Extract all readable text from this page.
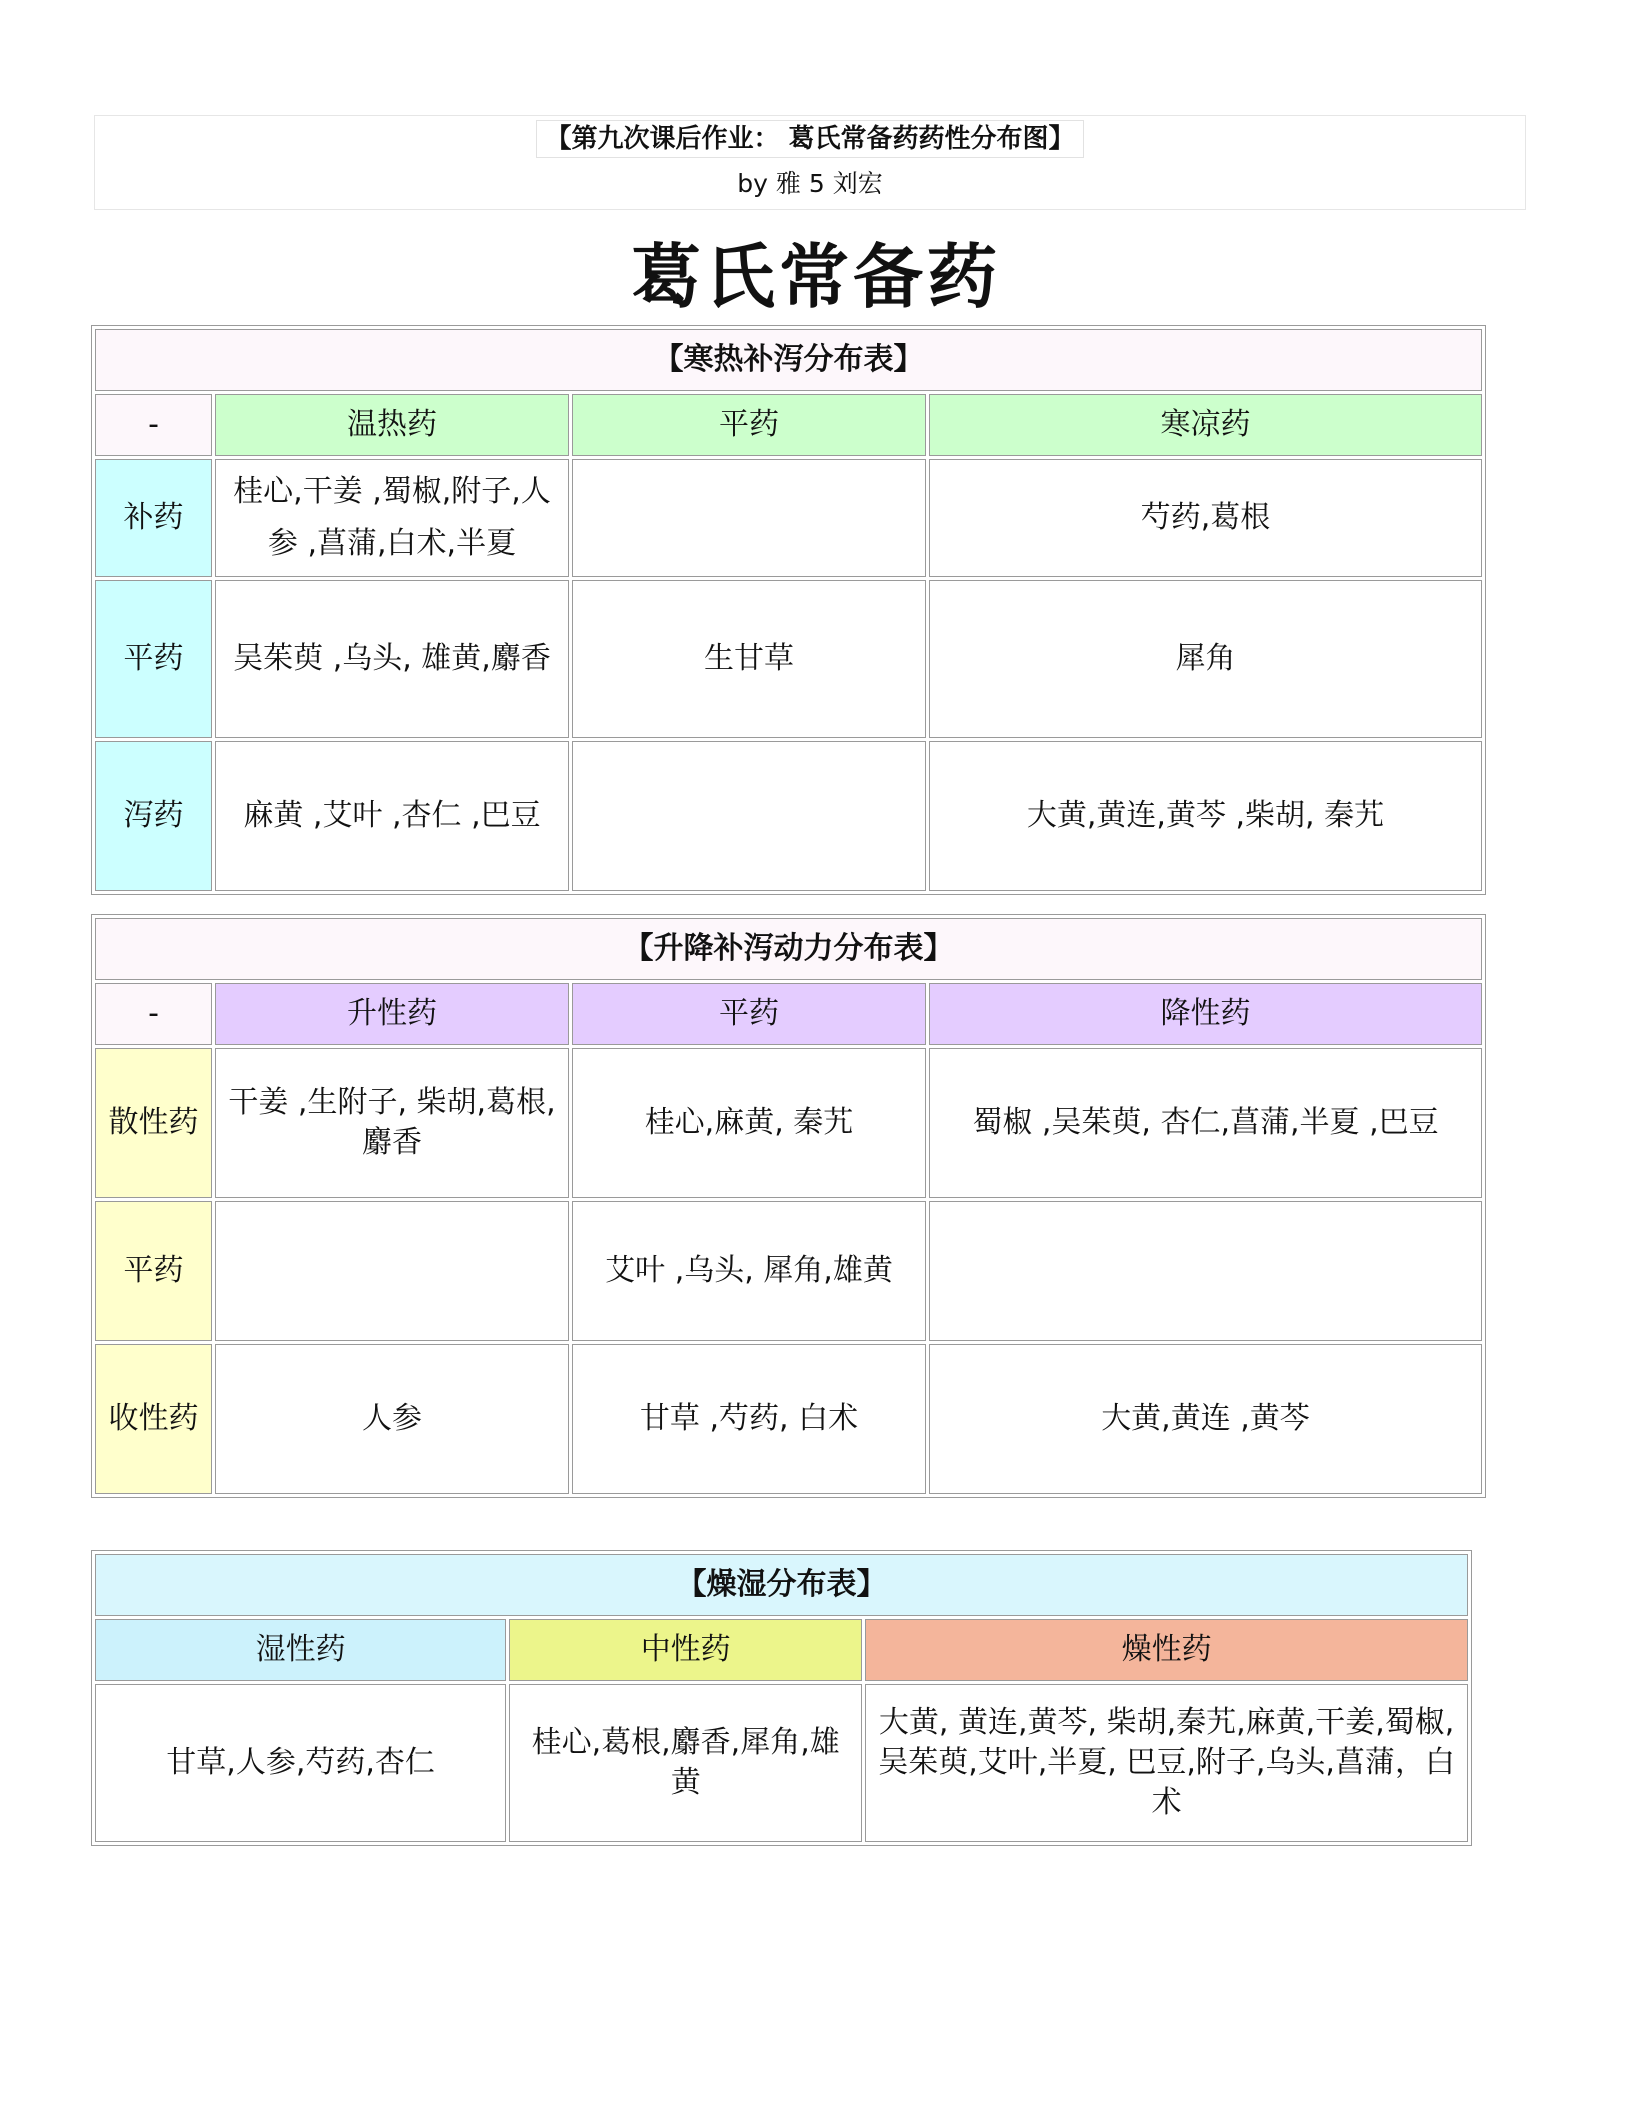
【第九次课后作业： 葛氏常备药药性分布图】
by 雅 5 刘宏
葛氏常备药
【寒热补泻分布表】			
-	温热药	平药	寒凉药
补药	桂心,干姜 ,蜀椒,附子,人参 ,菖蒲,白术,半夏		芍药,葛根
平药	吴茱萸 ,乌头, 雄黄,麝香	生甘草	犀角
泻药	麻黄 ,艾叶 ,杏仁 ,巴豆		大黄,黄连,黄芩 ,柴胡, 秦艽
【升降补泻动力分布表】			
-	升性药	平药	降性药
散性药	干姜 ,生附子, 柴胡,葛根,麝香	桂心,麻黄, 秦艽	蜀椒 ,吴茱萸, 杏仁,菖蒲,半夏 ,巴豆
平药		艾叶 ,乌头, 犀角,雄黄	
收性药	人参	甘草 ,芍药, 白术	大黄,黄连 ,黄芩
【燥湿分布表】		
湿性药	中性药	燥性药
甘草,人参,芍药,杏仁	桂心,葛根,麝香,犀角,雄黄	大黄, 黄连,黄芩, 柴胡,秦艽,麻黄,干姜,蜀椒,吴茱萸,艾叶,半夏, 巴豆,附子,乌头,菖蒲，白术
